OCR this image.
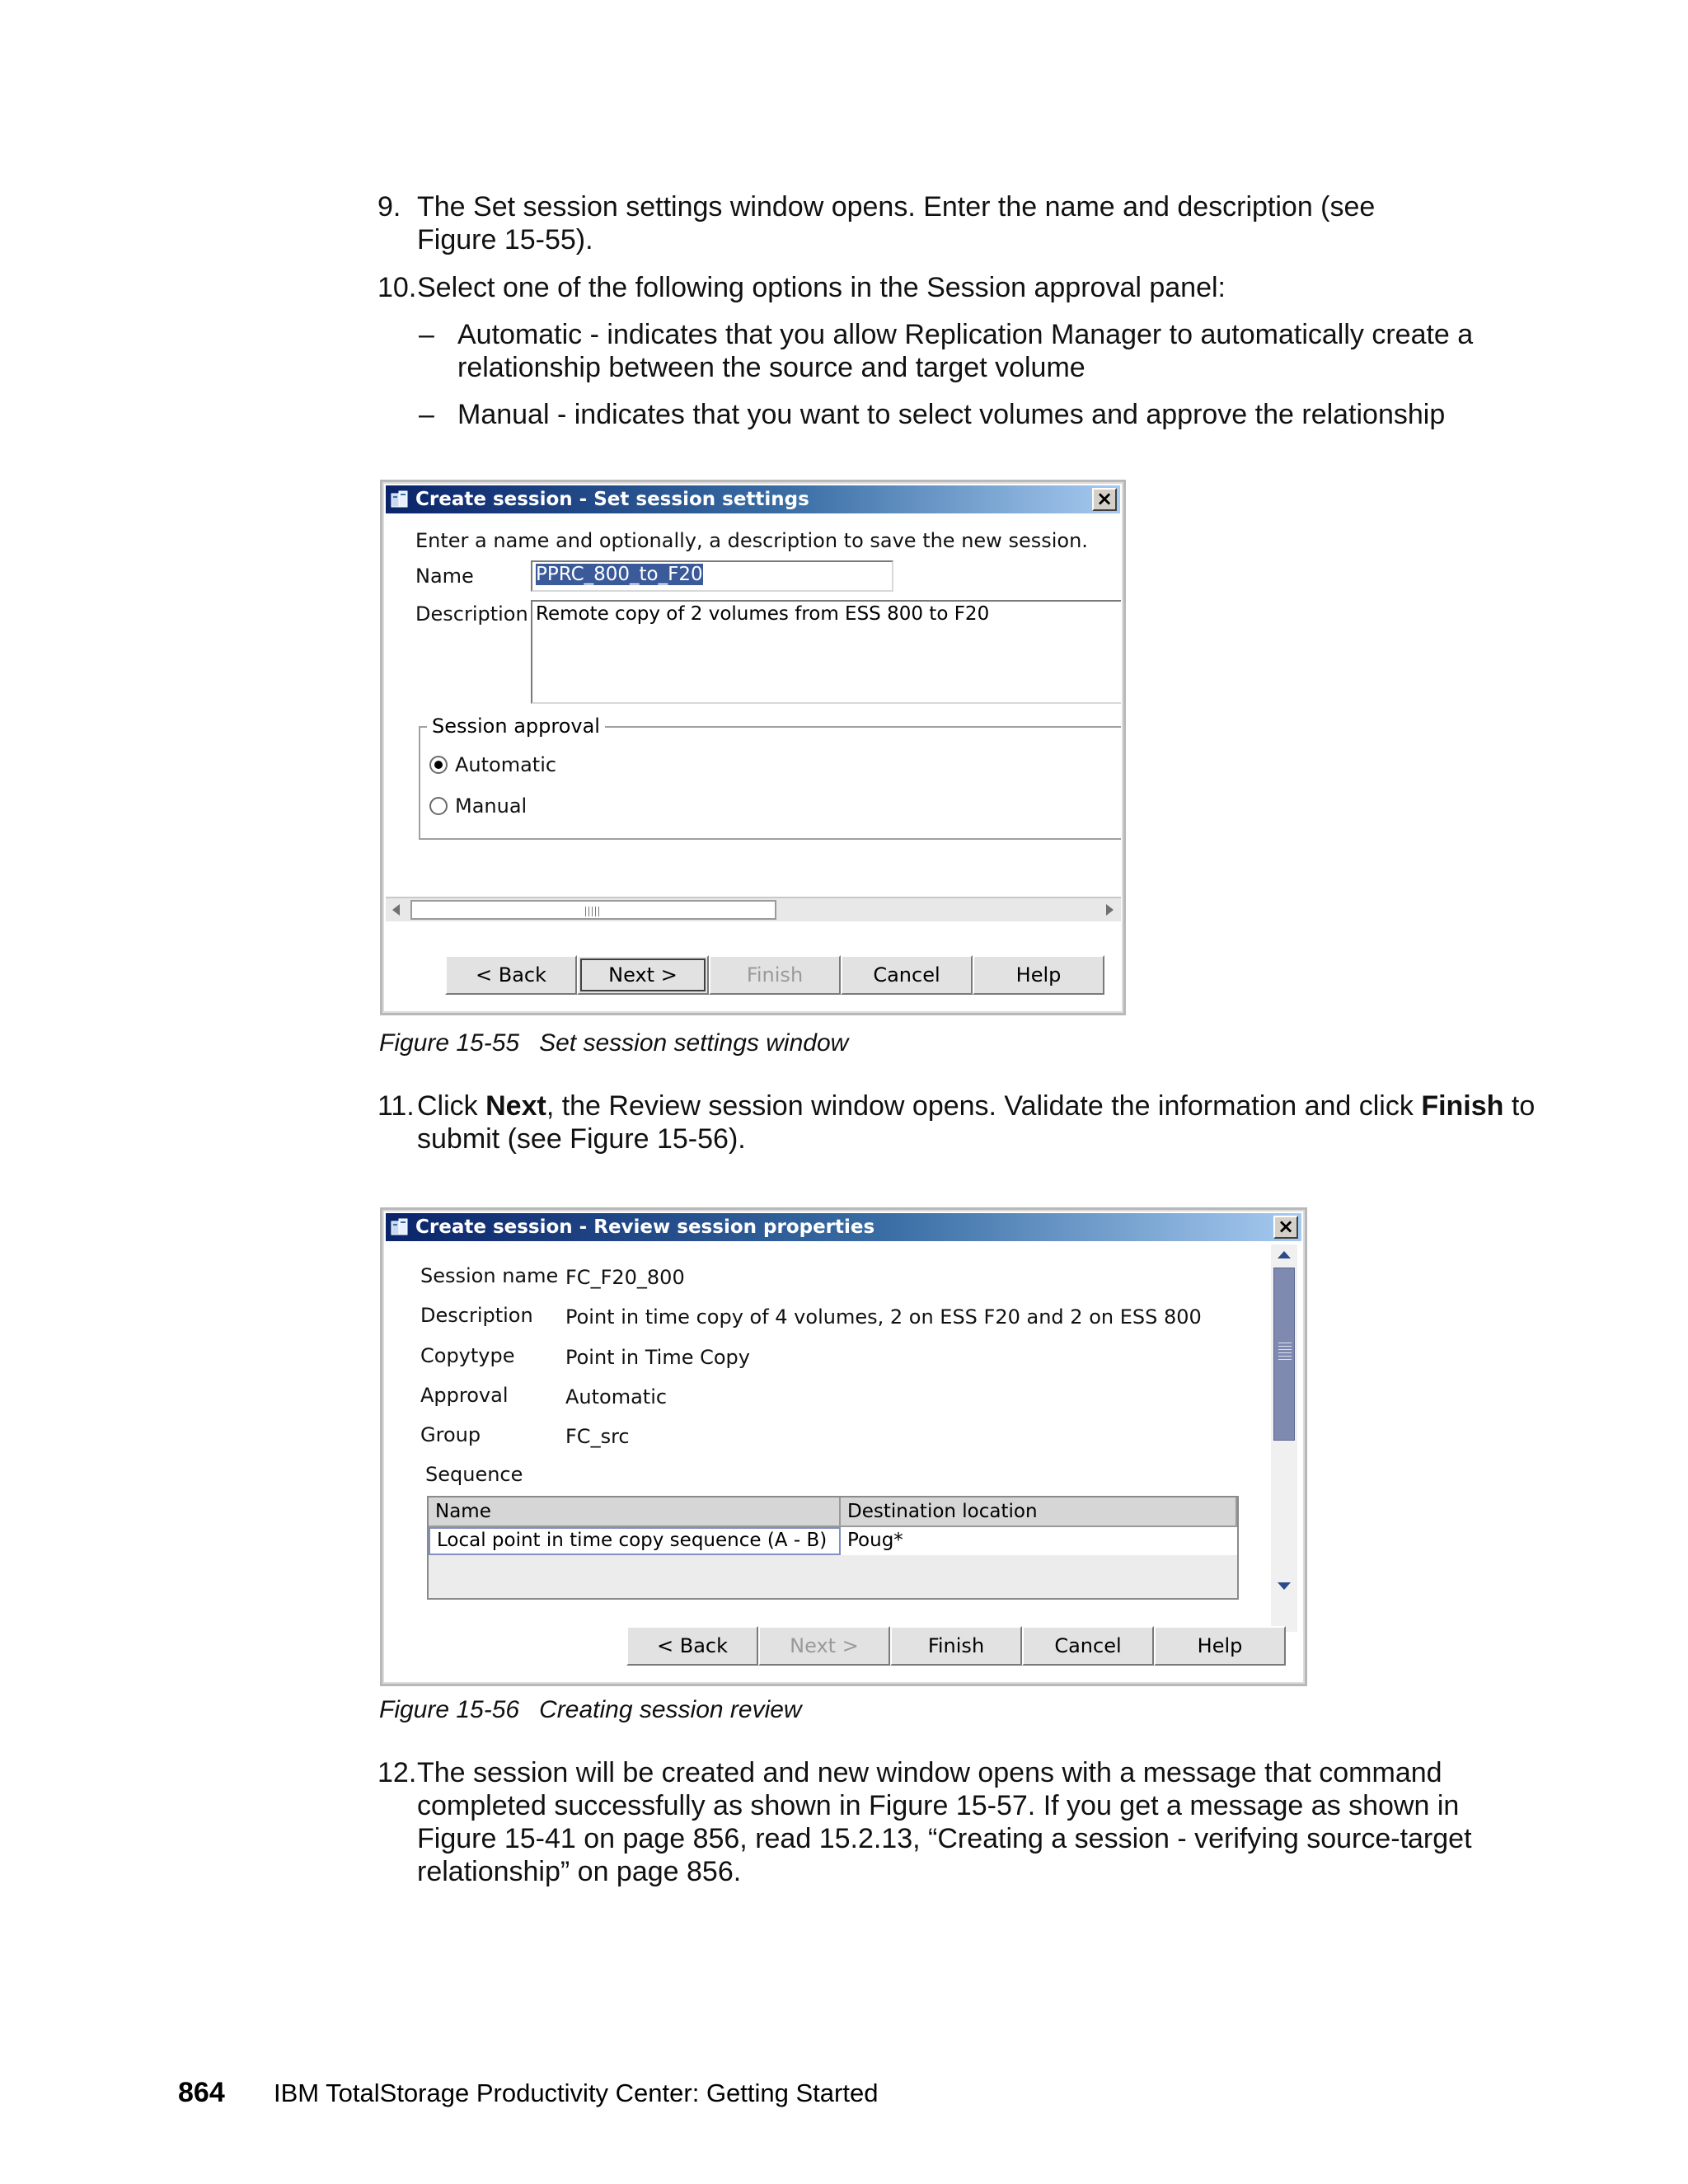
9. The Set session settings window opens. Enter the name and description (see
Figure 15-55).
10. Select one of the following options in the Session approval panel:
– Automatic - indicates that you allow Replication Manager to automatically create a
relationship between the source and target volume
– Manual - indicates that you want to select volumes and approve the relationship
Create session - Set session settings	×
Enter a name and optionally, a description to save the new session.
Name	PPRC_800_to_F20
Description Remote copy of 2 volumes from ESS 800 to F20
Session approval
Automatic
Manual
< Back	Next >	Finish	Cancel	Help
Figure 15-55 Set session settings window
11. Click Next, the Review session window opens. Validate the information and click Finish to
submit (see Figure 15-56).
Create session - Review session properties	×
Session name FC_F20_800
Description Point in time copy of 4 volumes, 2 on ESS F20 and 2 on ESS 800
Copytype	Point in Time Copy
Approval	Automatic
Group	FC_src
Sequence
Name	Destination location
Local point in time copy sequence (A - B)	Poug*
< Back	Next >	Finish	Cancel	Help
Figure 15-56 Creating session review
12. The session will be created and new window opens with a message that command
completed successfully as shown in Figure 15-57. If you get a message as shown in
Figure 15-41 on page 856, read 15.2.13, “Creating a session - verifying source-target
relationship” on page 856.
864 IBM TotalStorage Productivity Center: Getting Started
